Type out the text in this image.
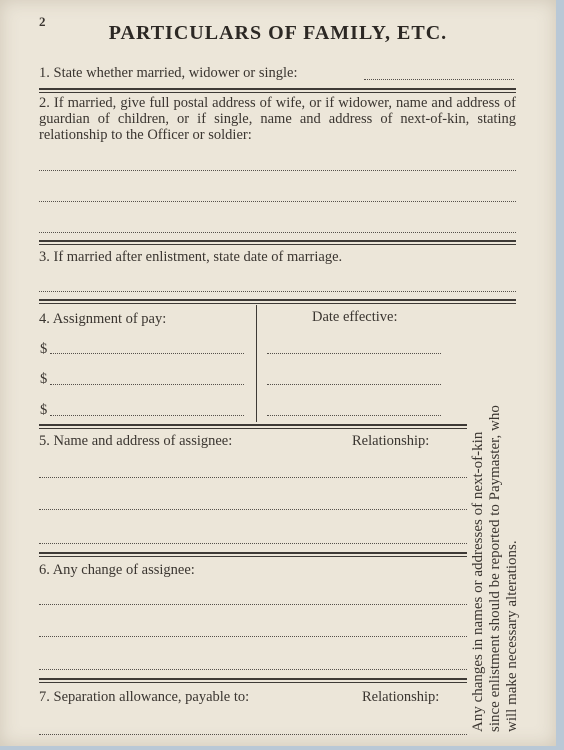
2
PARTICULARS OF FAMILY, ETC.
1. State whether married, widower or single:
2. If married, give full postal address of wife, or if widower, name and address of guardian of children, or if single, name and address of next-of-kin, stating relationship to the Officer or soldier:
3. If married after enlistment, state date of marriage.
4. Assignment of pay:	Date effective:
$
$
$
5. Name and address of assignee:	Relationship:
6. Any change of assignee:
7. Separation allowance, payable to:	Relationship: Any changes in names or addresses of next-of-kin since enlistment should be reported to Paymaster, who will make necessary alterations.
